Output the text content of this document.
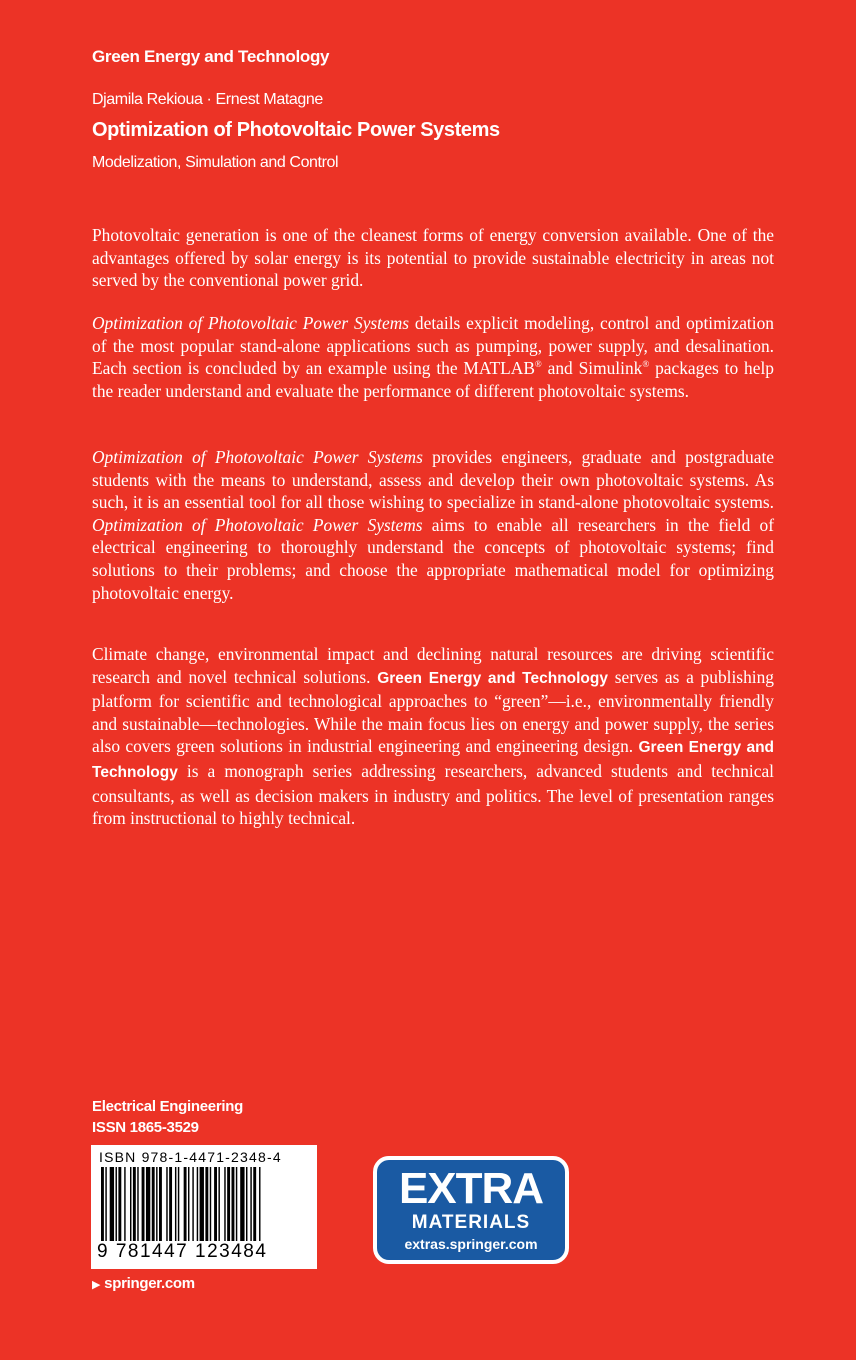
Green Energy and Technology
Djamila Rekioua · Ernest Matagne
Optimization of Photovoltaic Power Systems
Modelization, Simulation and Control

Photovoltaic generation is one of the cleanest forms of energy conversion available. One of the advantages offered by solar energy is its potential to provide sustainable electricity in areas not served by the conventional power grid.

Optimization of Photovoltaic Power Systems details explicit modeling, control and optimization of the most popular stand-alone applications such as pumping, power supply, and desalination. Each section is concluded by an example using the MATLAB® and Simulink® packages to help the reader understand and evaluate the performance of different photovoltaic systems.

Optimization of Photovoltaic Power Systems provides engineers, graduate and postgraduate students with the means to understand, assess and develop their own photovoltaic systems. As such, it is an essential tool for all those wishing to specialize in stand-alone photovoltaic systems. Optimization of Photovoltaic Power Systems aims to enable all researchers in the field of electrical engineering to thoroughly understand the concepts of photovoltaic systems; find solutions to their problems; and choose the appropriate mathematical model for optimizing photovoltaic energy.

Climate change, environmental impact and declining natural resources are driving scientific research and novel technical solutions. Green Energy and Technology serves as a publishing platform for scientific and technological approaches to “green”—i.e., environmentally friendly and sustainable—technologies. While the main focus lies on energy and power supply, the series also covers green solutions in industrial engineering and engineering design. Green Energy and Technology is a monograph series addressing researchers, advanced students and technical consultants, as well as decision makers in industry and politics. The level of presentation ranges from instructional to highly technical.

Electrical Engineering
ISSN 1865-3529
ISBN 978-1-4471-2348-4
9 781447 123484
▶ springer.com
EXTRA
MATERIALS
extras.springer.com
